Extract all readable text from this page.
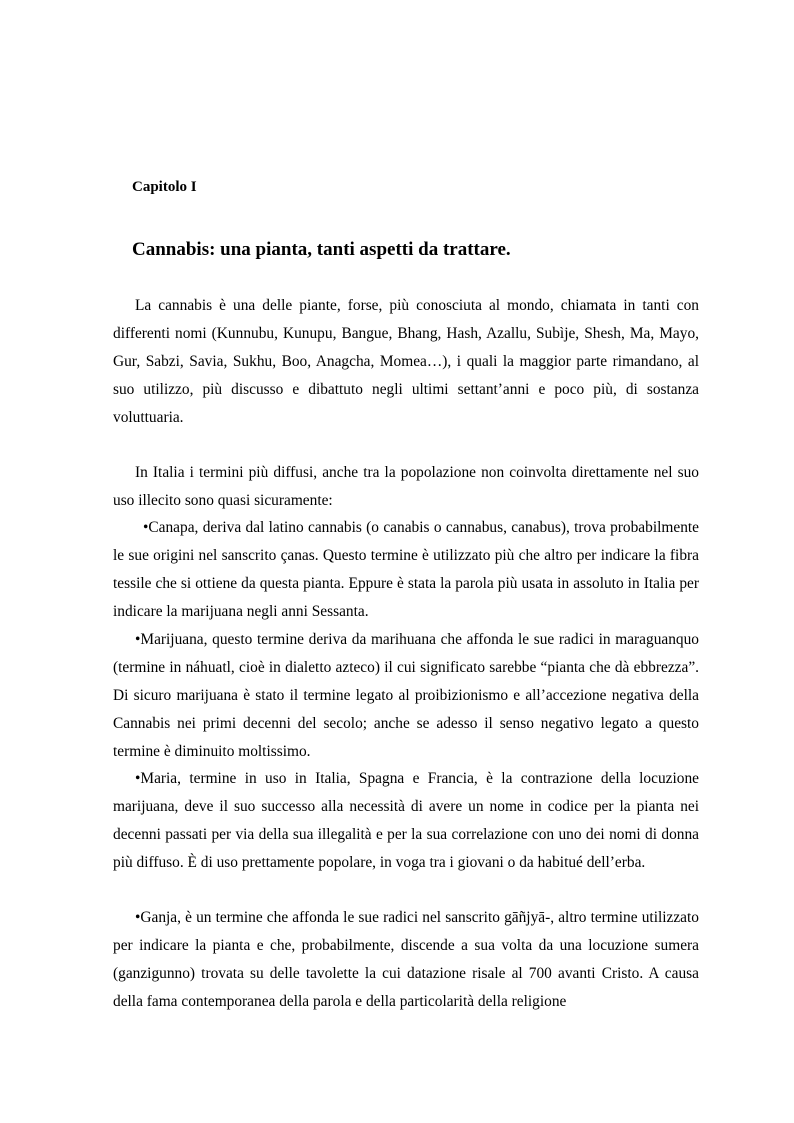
Capitolo I
Cannabis: una pianta, tanti aspetti da trattare.

La cannabis è una delle piante, forse, più conosciuta al mondo, chiamata in tanti con differenti nomi (Kunnubu, Kunupu, Bangue, Bhang, Hash, Azallu, Subìje, Shesh, Ma, Mayo, Gur, Sabzi, Savia, Sukhu, Boo, Anagcha, Momea…), i quali la maggior parte rimandano, al suo utilizzo, più discusso e dibattuto negli ultimi settant’anni e poco più, di sostanza voluttuaria.

In Italia i termini più diffusi, anche tra la popolazione non coinvolta direttamente nel suo uso illecito sono quasi sicuramente:

•Canapa, deriva dal latino cannabis (o canabis o cannabus, canabus), trova probabilmente le sue origini nel sanscrito çanas. Questo termine è utilizzato più che altro per indicare la fibra tessile che si ottiene da questa pianta. Eppure è stata la parola più usata in assoluto in Italia per indicare la marijuana negli anni Sessanta.

•Marijuana, questo termine deriva da marihuana che affonda le sue radici in maraguanquo (termine in náhuatl, cioè in dialetto azteco) il cui significato sarebbe “pianta che dà ebbrezza”. Di sicuro marijuana è stato il termine legato al proibizionismo e all’accezione negativa della Cannabis nei primi decenni del secolo; anche se adesso il senso negativo legato a questo termine è diminuito moltissimo.

•Maria, termine in uso in Italia, Spagna e Francia, è la contrazione della locuzione marijuana, deve il suo successo alla necessità di avere un nome in codice per la pianta nei decenni passati per via della sua illegalità e per la sua correlazione con uno dei nomi di donna più diffuso. È di uso prettamente popolare, in voga tra i giovani o da habitué dell’erba.

•Ganja, è un termine che affonda le sue radici nel sanscrito gāñjyā-, altro termine utilizzato per indicare la pianta e che, probabilmente, discende a sua volta da una locuzione sumera (ganzigunno) trovata su delle tavolette la cui datazione risale al 700 avanti Cristo. A causa della fama contemporanea della parola e della particolarità della religione
